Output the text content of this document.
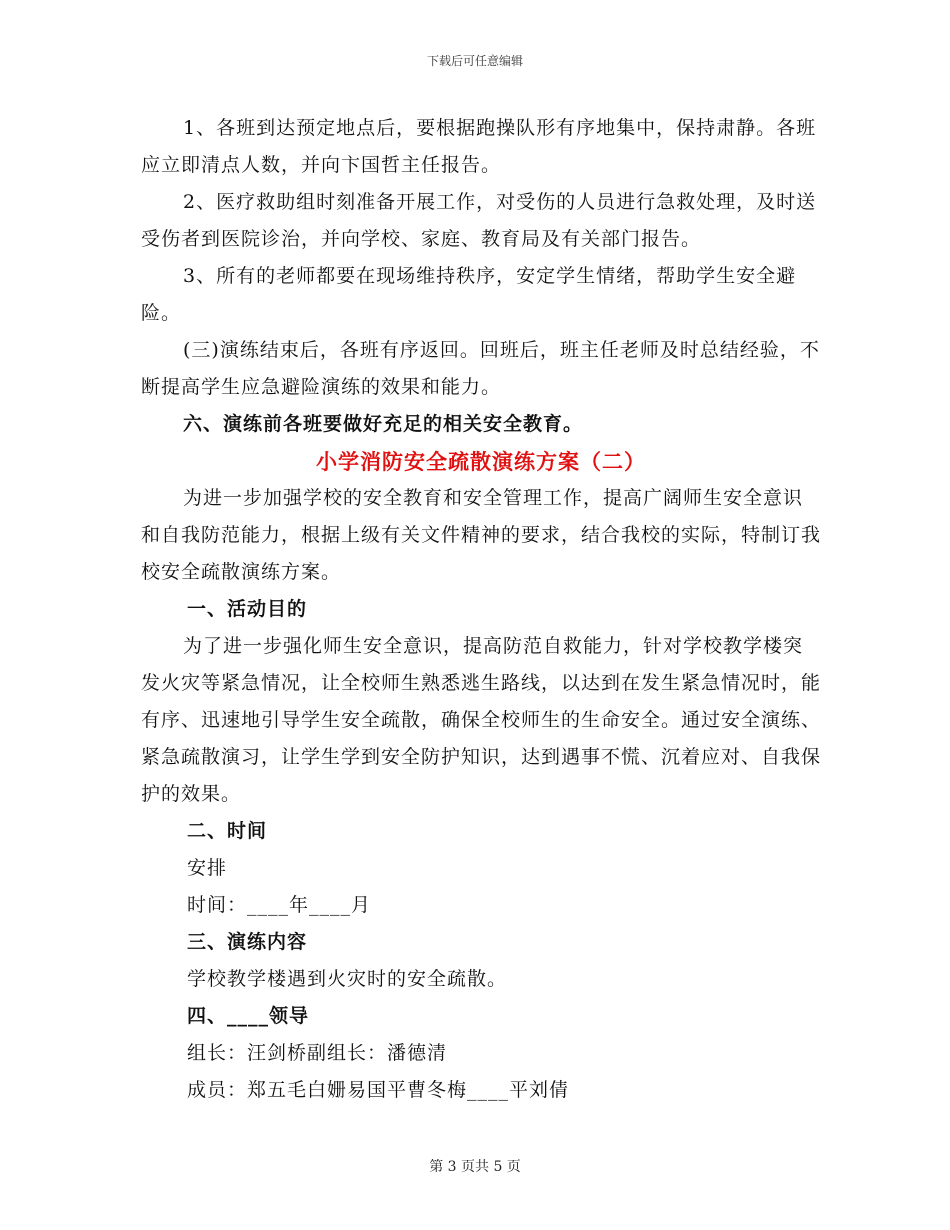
下载后可任意编辑

1、各班到达预定地点后，要根据跑操队形有序地集中，保持肃静。各班应立即清点人数，并向卞国哲主任报告。

2、医疗救助组时刻准备开展工作，对受伤的人员进行急救处理，及时送受伤者到医院诊治，并向学校、家庭、教育局及有关部门报告。

3、所有的老师都要在现场维持秩序，安定学生情绪，帮助学生安全避险。

(三)演练结束后，各班有序返回。回班后，班主任老师及时总结经验，不断提高学生应急避险演练的效果和能力。

六、演练前各班要做好充足的相关安全教育。

小学消防安全疏散演练方案（二）

为进一步加强学校的安全教育和安全管理工作，提高广阔师生安全意识和自我防范能力，根据上级有关文件精神的要求，结合我校的实际，特制订我校安全疏散演练方案。

一、活动目的

为了进一步强化师生安全意识，提高防范自救能力，针对学校教学楼突发火灾等紧急情况，让全校师生熟悉逃生路线，以达到在发生紧急情况时，能有序、迅速地引导学生安全疏散，确保全校师生的生命安全。通过安全演练、紧急疏散演习，让学生学到安全防护知识，达到遇事不慌、沉着应对、自我保护的效果。

二、时间

安排

时间：____年____月

三、演练内容

学校教学楼遇到火灾时的安全疏散。

四、____领导

组长：汪剑桥副组长：潘德清

成员：郑五毛白姗易国平曹冬梅____平刘倩

第 3 页共 5 页
